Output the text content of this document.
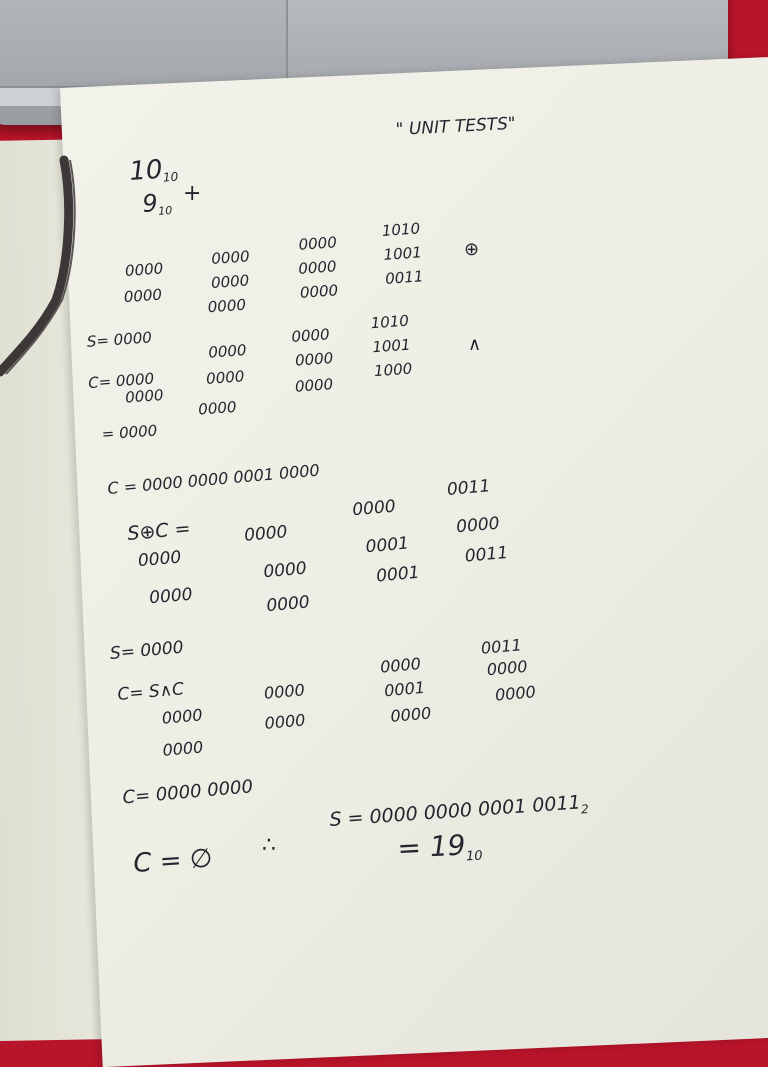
" UNIT TESTS"
1010
910
+
0000
0000
0000
1010
0000
0000
0000
1001
0000
0000
0011
S= 0000
⊕
C= 0000
0000
0000
1010
0000
0000
0000
1001
= 0000
0000
0000
1000
∧
C = 0000 0000 0001 0000
S⊕C =
0000
0000
0000
0011
0000
0000
0001
0000
0000
0001
0011
S= 0000
C= S∧C
0000
0000
0000
0011
0000
0000
0001
0000
0000
0000
C= 0000 0000	S = 0000 0000 0001 $0011_2$
C = ∅ ∴	= $19_{10}$
